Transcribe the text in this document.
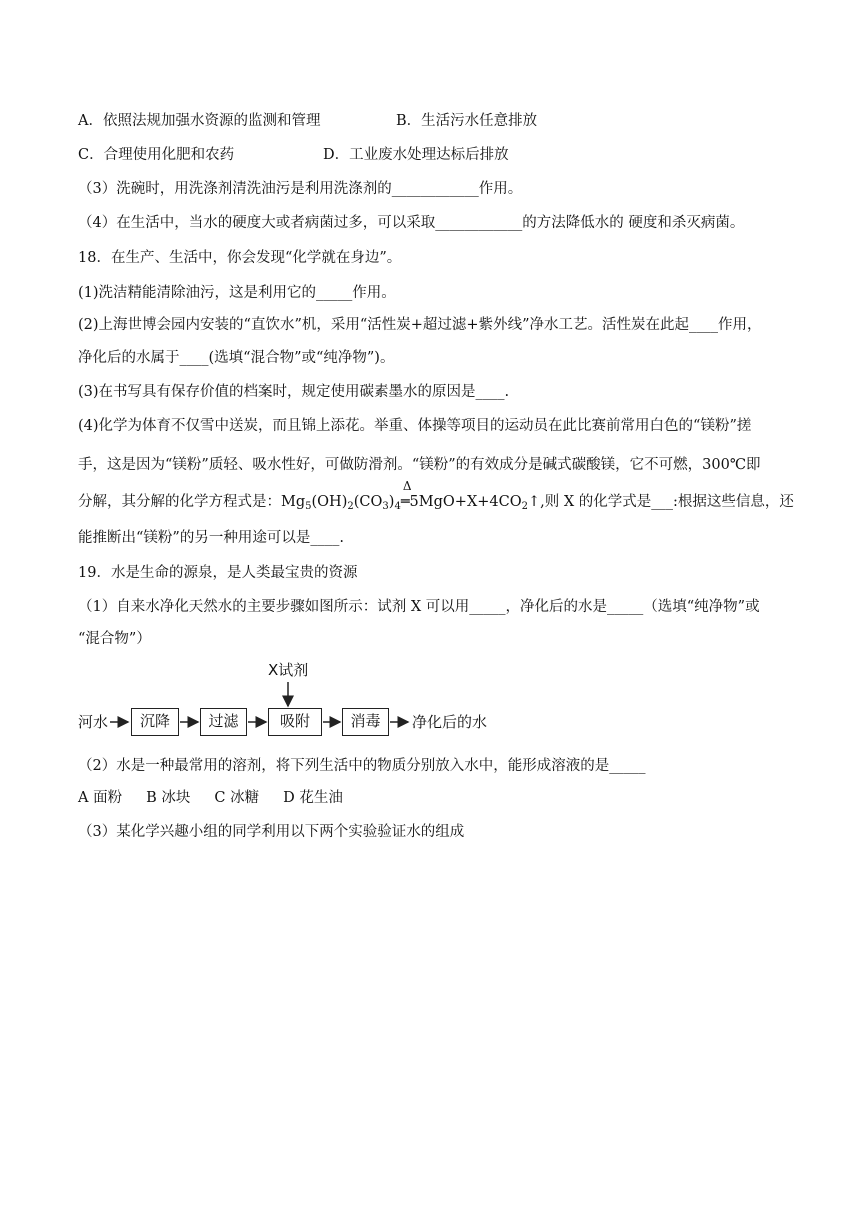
A．依照法规加强水资源的监测和管理	B．生活污水任意排放
C．合理使用化肥和农药	D．工业废水处理达标后排放
（3）洗碗时，用洗涤剂清洗油污是利用洗涤剂的____________作用。
（4）在生活中，当水的硬度大或者病菌过多，可以采取____________的方法降低水的 硬度和杀灭病菌。
18．在生产、生活中，你会发现“化学就在身边”。
(1)洗洁精能清除油污，这是利用它的_____作用。
(2)上海世博会园内安装的“直饮水”机，采用“活性炭+超过滤+紫外线”净水工艺。活性炭在此起____作用，
净化后的水属于____(选填“混合物”或“纯净物”)。
(3)在书写具有保存价值的档案时，规定使用碳素墨水的原因是____.
(4)化学为体育不仅雪中送炭，而且锦上添花。举重、体操等项目的运动员在此比赛前常用白色的“镁粉”搓
手，这是因为“镁粉”质轻、吸水性好，可做防滑剂。“镁粉”的有效成分是碱式碳酸镁，它不可燃，300℃即
分解，其分解的化学方程式是：$Mg_5(OH)_2(CO_3)_4$
Δ
$═5MgO+X+4CO_2↑$,则 X 的化学式是___:根据这些信息，还
能推断出“镁粉”的另一种用途可以是____.
19．水是生命的源泉，是人类最宝贵的资源
（1）自来水净化天然水的主要步骤如图所示：试剂 X 可以用_____，净化后的水是_____（选填“纯净物”或
“混合物”）
X试剂
河水	沉降	过滤	吸附	消毒	净化后的水
（2）水是一种最常用的溶剂，将下列生活中的物质分别放入水中，能形成溶液的是_____
A 面粉 B 冰块 C 冰糖 D 花生油
（3）某化学兴趣小组的同学利用以下两个实验验证水的组成
